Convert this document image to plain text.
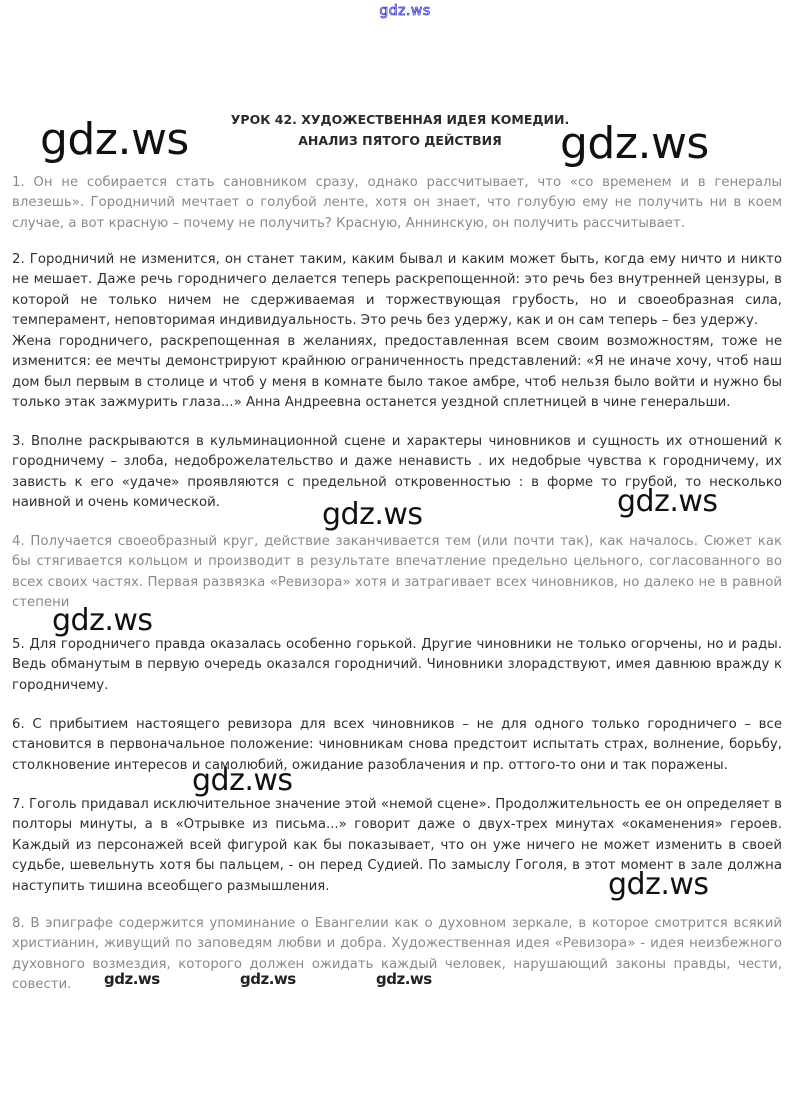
gdz.ws
УРОК 42. ХУДОЖЕСТВЕННАЯ ИДЕЯ КОМЕДИИ.
АНАЛИЗ ПЯТОГО ДЕЙСТВИЯ

1. Он не собирается стать сановником сразу, однако рассчитывает, что «со временем и в генералы влезешь». Городничий мечтает о голубой ленте, хотя он знает, что голубую ему не получить ни в коем случае, а вот красную – почему не получить? Красную, Аннинскую, он получить рассчитывает.

2. Городничий не изменится, он станет таким, каким бывал и каким может быть, когда ему ничто и никто не мешает. Даже речь городничего делается теперь раскрепощенной: это речь без внутренней цензуры, в которой не только ничем не сдерживаемая и торжествующая грубость, но и своеобразная сила, темперамент, неповторимая индивидуальность. Это речь без удержу, как и он сам теперь – без удержу.

Жена городничего, раскрепощенная в желаниях, предоставленная всем своим возможностям, тоже не изменится: ее мечты демонстрируют крайнюю ограниченность представлений: «Я не иначе хочу, чтоб наш дом был первым в столице и чтоб у меня в комнате было такое амбре, чтоб нельзя было войти и нужно бы только этак зажмурить глаза...» Анна Андреевна останется уездной сплетницей в чине генеральши.

3. Вполне раскрываются в кульминационной сцене и характеры чиновников и сущность их отношений к городничему – злоба, недоброжелательство и даже ненависть . их недобрые чувства к городничему, их зависть к его «удаче» проявляются с предельной откровенностью : в форме то грубой, то несколько наивной и очень комической.

4. Получается своеобразный круг, действие заканчивается тем (или почти так), как началось. Сюжет как бы стягивается кольцом и производит в результате впечатление предельно цельного, согласованного во всех своих частях. Первая развязка «Ревизора» хотя и затрагивает всех чиновников, но далеко не в равной степени

5. Для городничего правда оказалась особенно горькой. Другие чиновники не только огорчены, но и рады. Ведь обманутым в первую очередь оказался городничий. Чиновники злорадствуют, имея давнюю вражду к городничему.

6. С прибытием настоящего ревизора для всех чиновников – не для одного только городничего – все становится в первоначальное положение: чиновникам снова предстоит испытать страх, волнение, борьбу, столкновение интересов и самолюбий, ожидание разоблачения и пр. оттого-то они и так поражены.

7. Гоголь придавал исключительное значение этой «немой сцене». Продолжительность ее он определяет в полторы минуты, а в «Отрывке из письма...» говорит даже о двух-трех минутах «окаменения» героев. Каждый из персонажей всей фигурой как бы показывает, что он уже ничего не может изменить в своей судьбе, шевельнуть хотя бы пальцем, - он перед Судией. По замыслу Гоголя, в этот момент в зале должна наступить тишина всеобщего размышления.

8. В эпиграфе содержится упоминание о Евангелии как о духовном зеркале, в которое смотрится всякий христианин, живущий по заповедям любви и добра. Художественная идея «Ревизора» - идея неизбежного духовного возмездия, которого должен ожидать каждый человек, нарушающий законы правды, чести, совести.

gdz.ws	gdz.ws
gdz.ws	gdz.ws
gdz.ws
gdz.ws
gdz.ws
gdz.ws	gdz.ws	gdz.ws
